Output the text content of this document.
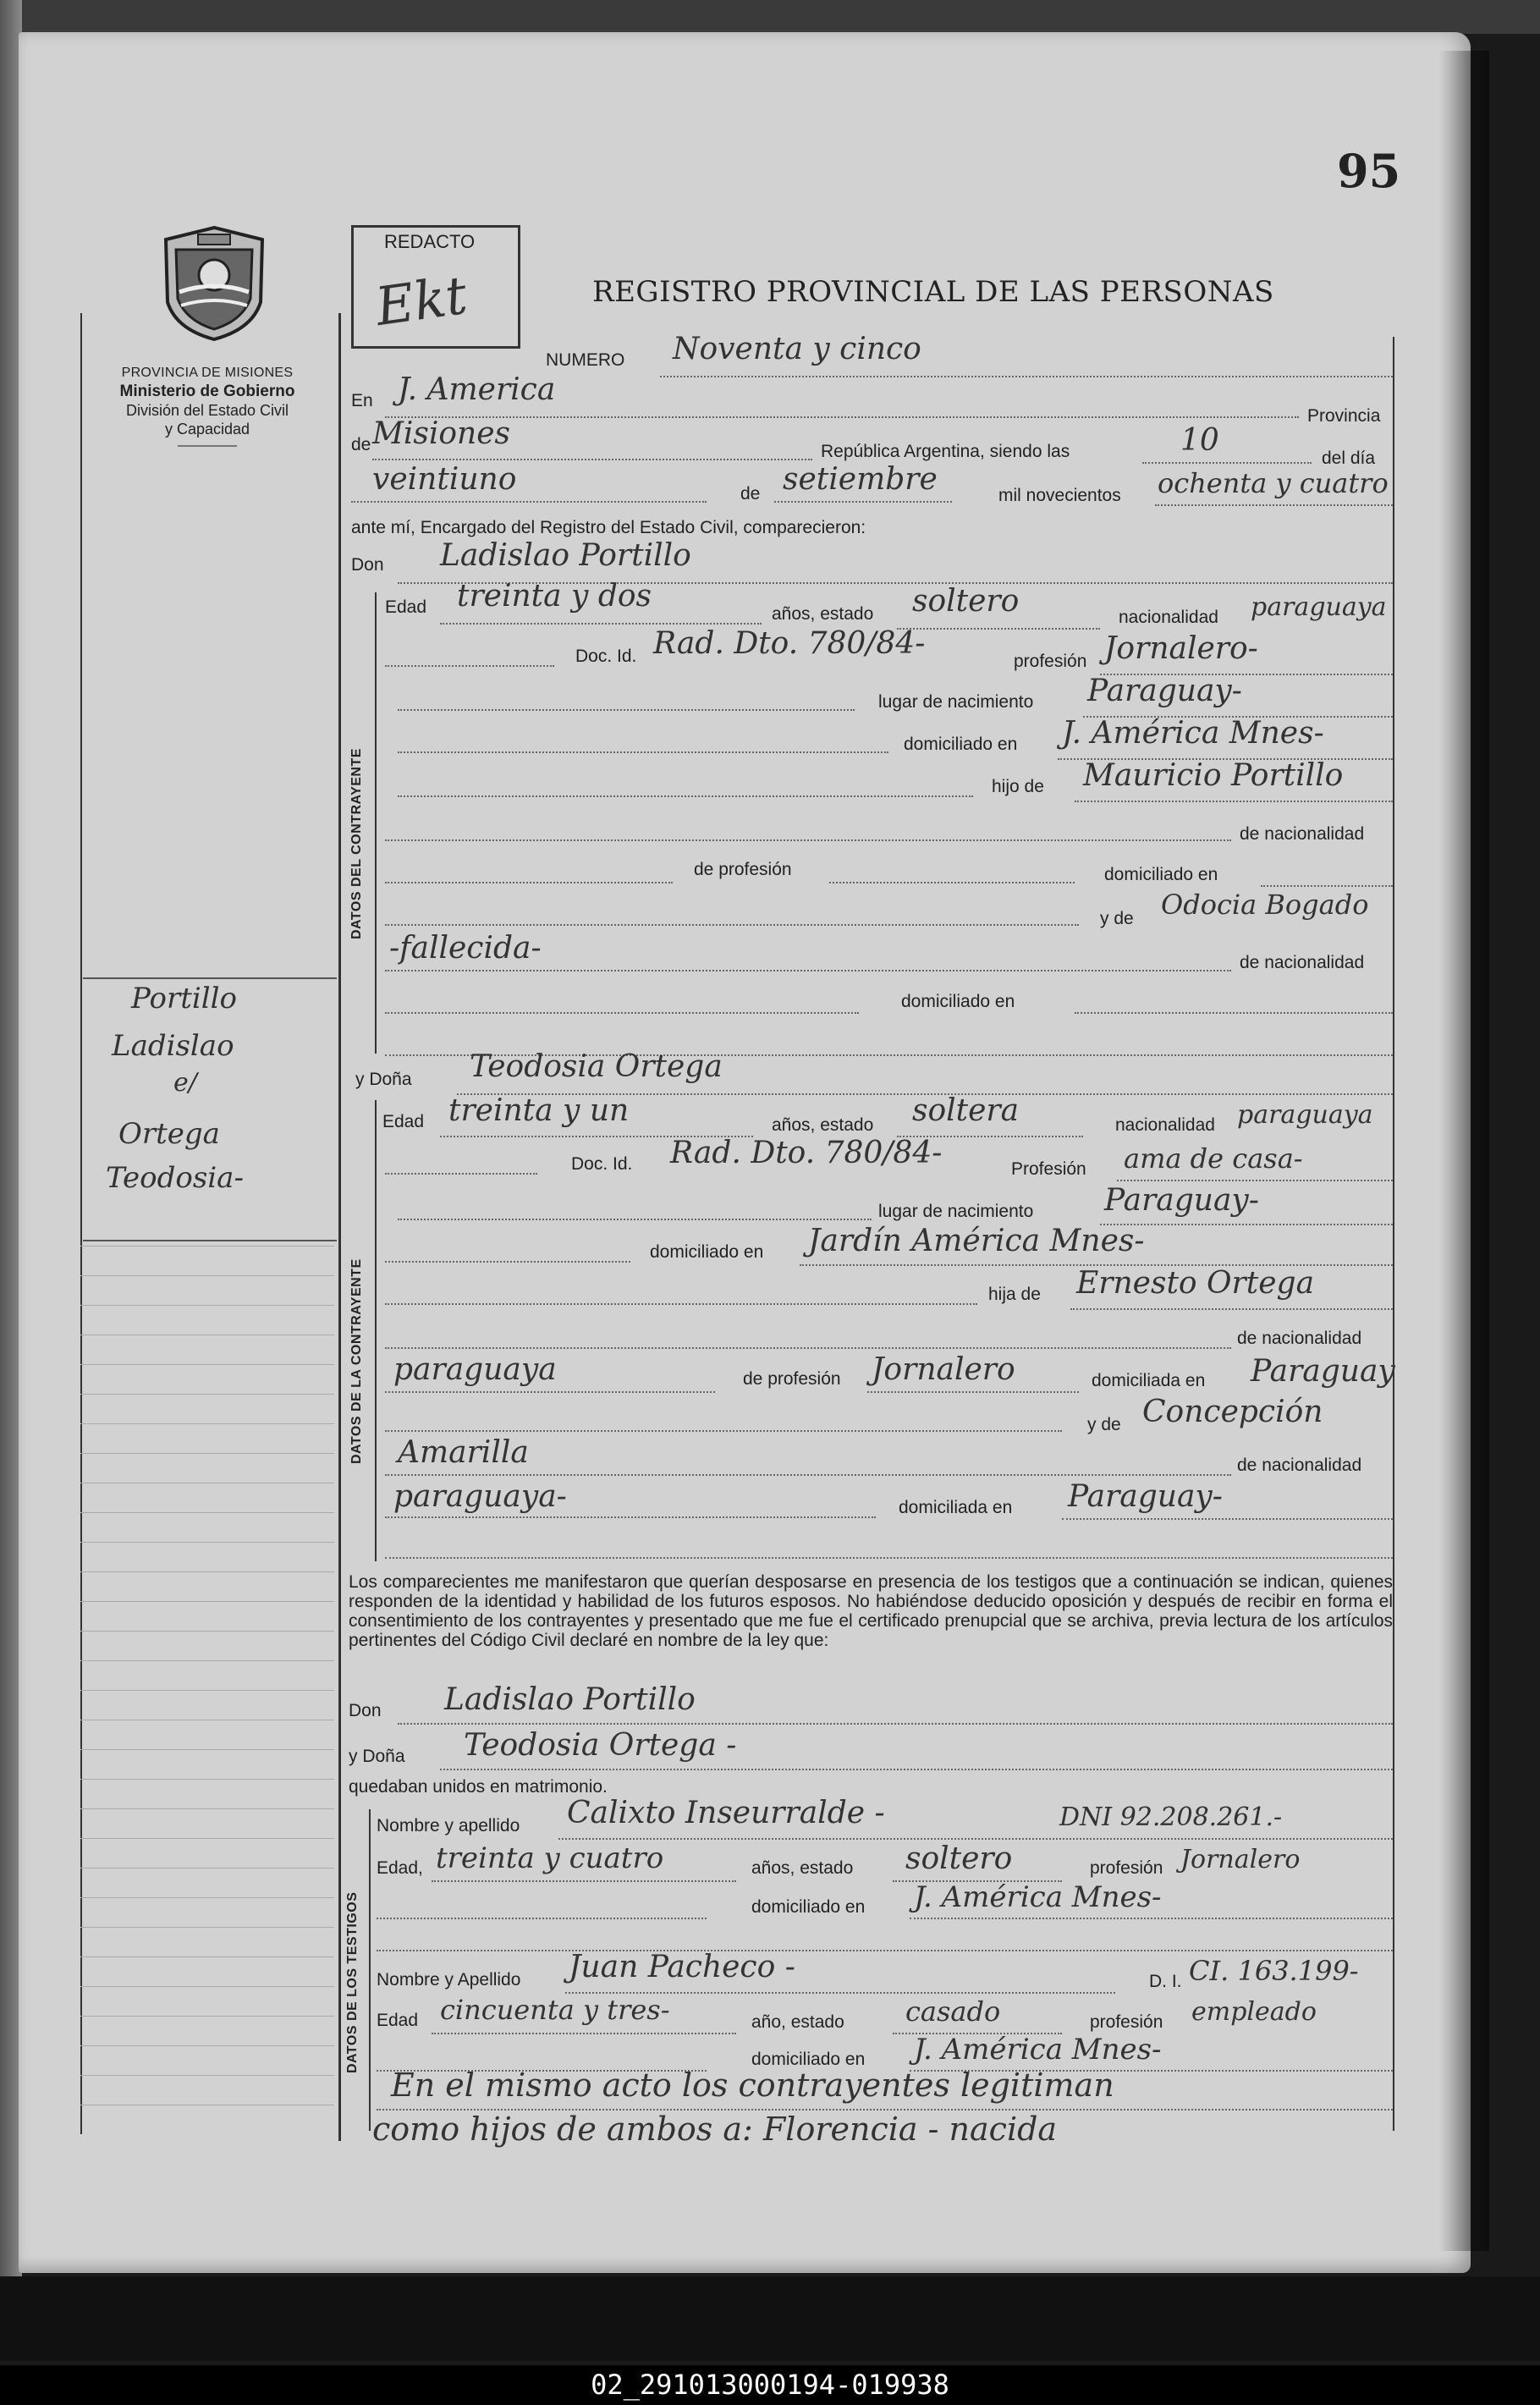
95
PROVINCIA DE MISIONES
Ministerio de Gobierno
División del Estado Civil
y Capacidad
REDACTO
Ekt	REGISTRO PROVINCIAL DE LAS PERSONAS
Portillo
Ladislao
e/
Ortega
Teodosia-
NUMERO Noventa y cinco
En J. America
Provincia
de Misiones
República Argentina, siendo las	10
del día
veintiuno	de setiembre	mil novecientos ochenta y cuatro
ante mí, Encargado del Registro del Estado Civil, comparecieron:
Don Ladislao Portillo
DATOS DEL CONTRAYENTE
Edad treinta y dos
años, estado soltero	nacionalidad paraguaya
Doc. Id. Rad. Dto. 780/84-
profesión Jornalero-
lugar de nacimiento Paraguay-
domiciliado en J. América Mnes-
hijo de Mauricio Portillo
de nacionalidad
de profesión	domiciliado en
y de Odocia Bogado
-fallecida-	de nacionalidad
domiciliado en
y Doña Teodosia Ortega
DATOS DE LA CONTRAYENTE
Edad treinta y un	años, estado soltera	nacionalidad paraguaya
Doc. Id. Rad. Dto. 780/84-	Profesión ama de casa-
lugar de nacimiento Paraguay-
domiciliado en Jardín América Mnes-
hija de Ernesto Ortega
de nacionalidad
paraguaya	de profesión Jornalero	domiciliada en Paraguay
y de Concepción
Amarilla	de nacionalidad
paraguaya-	domiciliada en Paraguay-
Los comparecientes me manifestaron que querían desposarse en presencia de los testigos que a continuación se indican, quienes responden de la identidad y habilidad de los futuros esposos. No habiéndose deducido oposición y después de recibir en forma el consentimiento de los contrayentes y presentado que me fue el certificado prenupcial que se archiva, previa lectura de los artículos pertinentes del Código Civil declaré en nombre de la ley que:
Don Ladislao Portillo
y Doña Teodosia Ortega -
quedaban unidos en matrimonio.
DATOS DE LOS TESTIGOS
Nombre y apellido Calixto Inseurralde -	DNI 92.208.261.-
Edad, treinta y cuatro	años, estado soltero	profesión Jornalero
domiciliado en J. América Mnes-
Nombre y Apellido Juan Pacheco -	D. I. CI. 163.199-
Edad cincuenta y tres-	año, estado casado	profesión empleado
domiciliado en J. América Mnes-
En el mismo acto los contrayentes legitiman
como hijos de ambos a: Florencia - nacida
02_291013000194-019938
